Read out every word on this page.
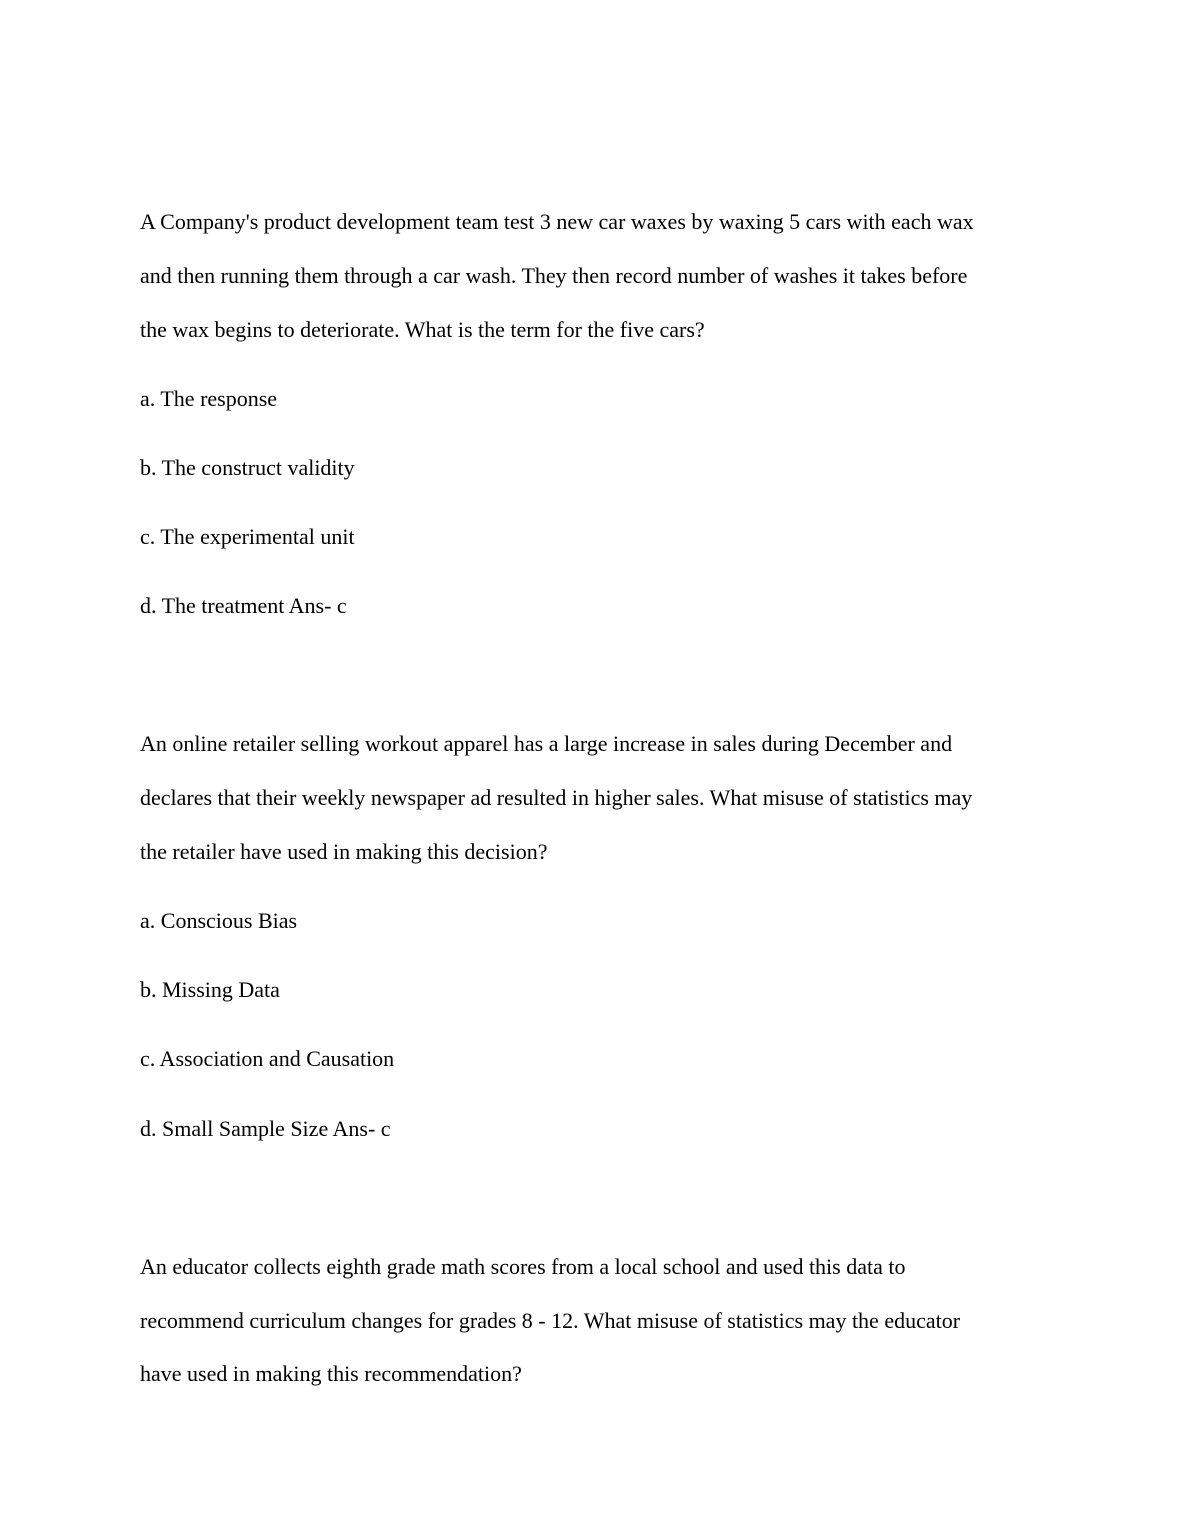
A Company's product development team test 3 new car waxes by waxing 5 cars with each wax
and then running them through a car wash. They then record number of washes it takes before
the wax begins to deteriorate. What is the term for the five cars?
a. The response
b. The construct validity
c. The experimental unit
d. The treatment Ans- c
An online retailer selling workout apparel has a large increase in sales during December and
declares that their weekly newspaper ad resulted in higher sales. What misuse of statistics may
the retailer have used in making this decision?
a. Conscious Bias
b. Missing Data
c. Association and Causation
d. Small Sample Size Ans- c
An educator collects eighth grade math scores from a local school and used this data to
recommend curriculum changes for grades 8 - 12. What misuse of statistics may the educator
have used in making this recommendation?
